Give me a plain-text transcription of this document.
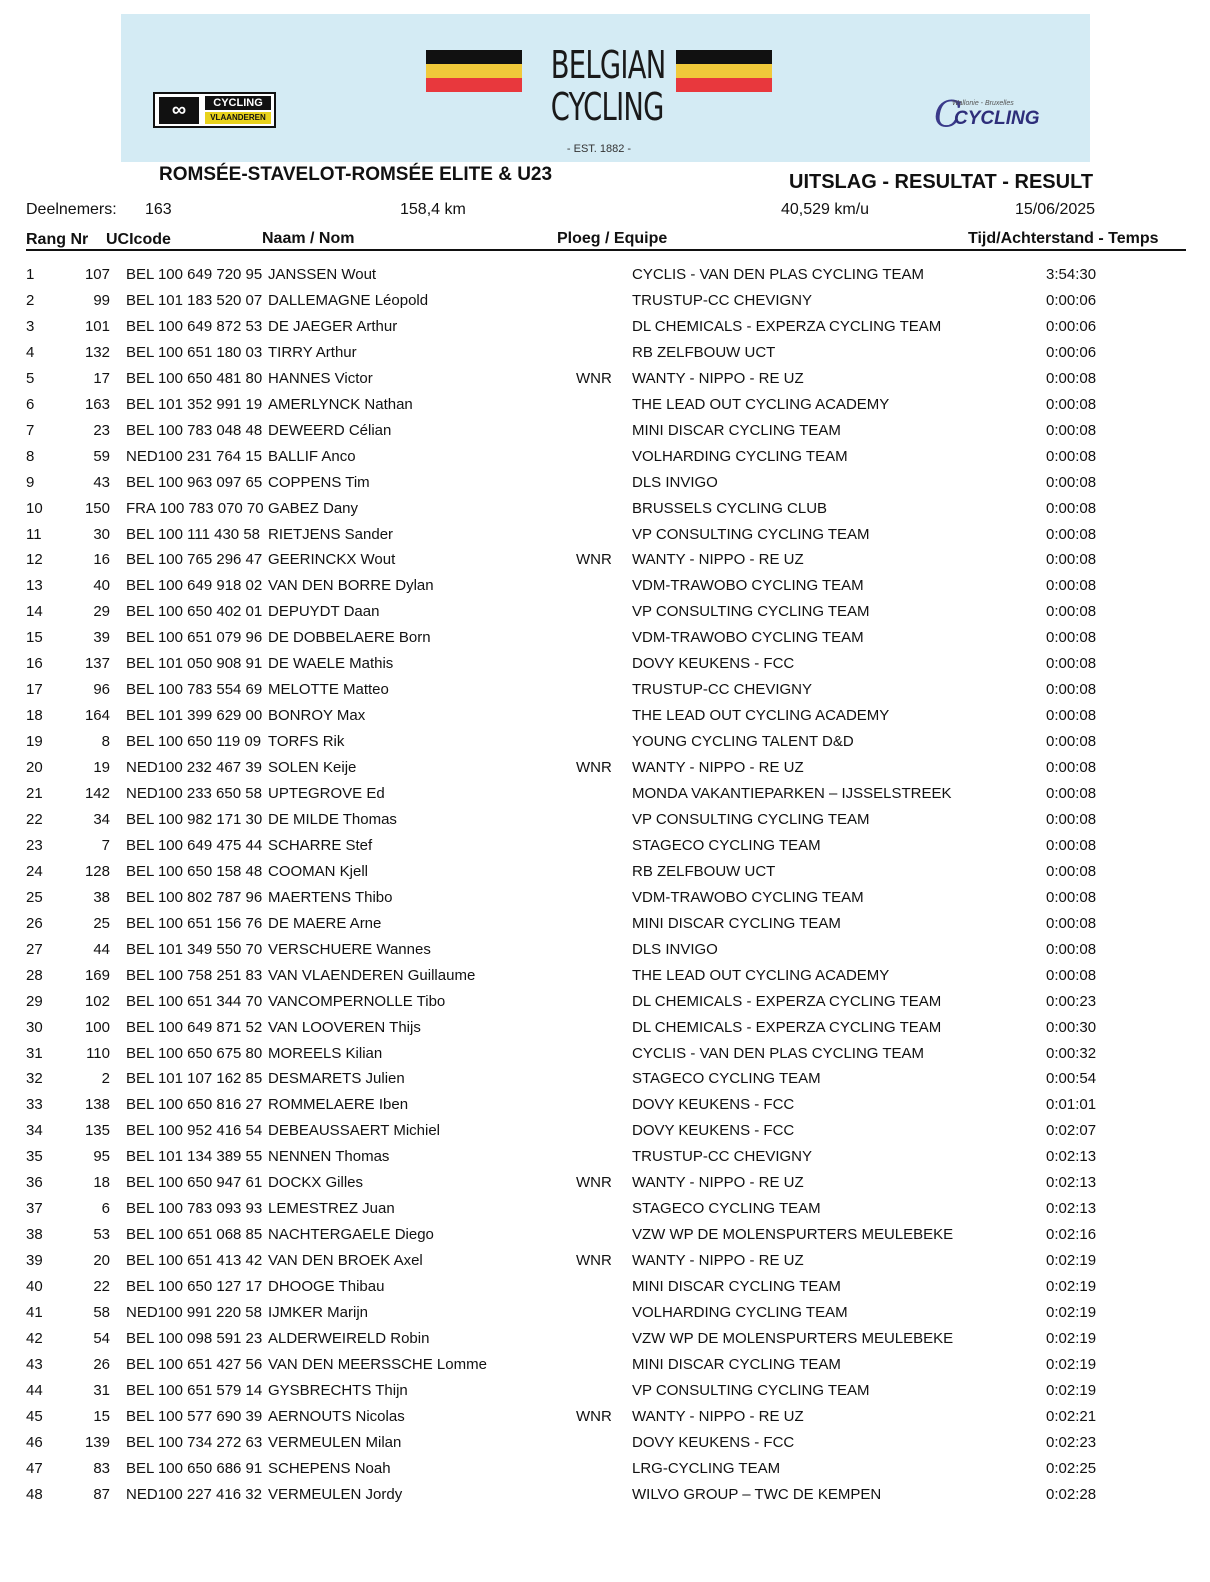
BELGIAN
CYCLING
- EST. 1882 -
∞	CYCLING
VLAANDEREN	C
Wallonie - Bruxelles
CYCLING
ROMSÉE-STAVELOT-ROMSÉE ELITE & U23	UITSLAG - RESULTAT - RESULT
Deelnemers: 163	158,4 km	40,529 km/u	15/06/2025
Rang Nr UCIcode	Naam / Nom	Ploeg / Equipe	Tijd/Achterstand - Temps
1	107 BEL 100 649 720 95 JANSSEN Wout	CYCLIS - VAN DEN PLAS CYCLING TEAM	3:54:30
2	99 BEL 101 183 520 07 DALLEMAGNE Léopold	TRUSTUP-CC CHEVIGNY	0:00:06
3	101 BEL 100 649 872 53 DE JAEGER Arthur	DL CHEMICALS - EXPERZA CYCLING TEAM	0:00:06
4	132 BEL 100 651 180 03 TIRRY Arthur	RB ZELFBOUW UCT	0:00:06
5	17 BEL 100 650 481 80 HANNES Victor	WNR WANTY - NIPPO - RE UZ	0:00:08
6	163 BEL 101 352 991 19 AMERLYNCK Nathan	THE LEAD OUT CYCLING ACADEMY	0:00:08
7	23 BEL 100 783 048 48 DEWEERD Célian	MINI DISCAR CYCLING TEAM	0:00:08
8	59 NED100 231 764 15 BALLIF Anco	VOLHARDING CYCLING TEAM	0:00:08
9	43 BEL 100 963 097 65 COPPENS Tim	DLS INVIGO	0:00:08
10	150 FRA 100 783 070 70 GABEZ Dany	BRUSSELS CYCLING CLUB	0:00:08
11	30 BEL 100 111 430 58 RIETJENS Sander	VP CONSULTING CYCLING TEAM	0:00:08
12	16 BEL 100 765 296 47 GEERINCKX Wout	WNR WANTY - NIPPO - RE UZ	0:00:08
13	40 BEL 100 649 918 02 VAN DEN BORRE Dylan	VDM-TRAWOBO CYCLING TEAM	0:00:08
14	29 BEL 100 650 402 01 DEPUYDT Daan	VP CONSULTING CYCLING TEAM	0:00:08
15	39 BEL 100 651 079 96 DE DOBBELAERE Born	VDM-TRAWOBO CYCLING TEAM	0:00:08
16	137 BEL 101 050 908 91 DE WAELE Mathis	DOVY KEUKENS - FCC	0:00:08
17	96 BEL 100 783 554 69 MELOTTE Matteo	TRUSTUP-CC CHEVIGNY	0:00:08
18	164 BEL 101 399 629 00 BONROY Max	THE LEAD OUT CYCLING ACADEMY	0:00:08
19	8 BEL 100 650 119 09 TORFS Rik	YOUNG CYCLING TALENT D&D	0:00:08
20	19 NED100 232 467 39 SOLEN Keije	WNR WANTY - NIPPO - RE UZ	0:00:08
21	142 NED100 233 650 58 UPTEGROVE Ed	MONDA VAKANTIEPARKEN – IJSSELSTREEK	0:00:08
22	34 BEL 100 982 171 30 DE MILDE Thomas	VP CONSULTING CYCLING TEAM	0:00:08
23	7 BEL 100 649 475 44 SCHARRE Stef	STAGECO CYCLING TEAM	0:00:08
24	128 BEL 100 650 158 48 COOMAN Kjell	RB ZELFBOUW UCT	0:00:08
25	38 BEL 100 802 787 96 MAERTENS Thibo	VDM-TRAWOBO CYCLING TEAM	0:00:08
26	25 BEL 100 651 156 76 DE MAERE Arne	MINI DISCAR CYCLING TEAM	0:00:08
27	44 BEL 101 349 550 70 VERSCHUERE Wannes	DLS INVIGO	0:00:08
28	169 BEL 100 758 251 83 VAN VLAENDEREN Guillaume	THE LEAD OUT CYCLING ACADEMY	0:00:08
29	102 BEL 100 651 344 70 VANCOMPERNOLLE Tibo	DL CHEMICALS - EXPERZA CYCLING TEAM	0:00:23
30	100 BEL 100 649 871 52 VAN LOOVEREN Thijs	DL CHEMICALS - EXPERZA CYCLING TEAM	0:00:30
31	110 BEL 100 650 675 80 MOREELS Kilian	CYCLIS - VAN DEN PLAS CYCLING TEAM	0:00:32
32	2 BEL 101 107 162 85 DESMARETS Julien	STAGECO CYCLING TEAM	0:00:54
33	138 BEL 100 650 816 27 ROMMELAERE Iben	DOVY KEUKENS - FCC	0:01:01
34	135 BEL 100 952 416 54 DEBEAUSSAERT Michiel	DOVY KEUKENS - FCC	0:02:07
35	95 BEL 101 134 389 55 NENNEN Thomas	TRUSTUP-CC CHEVIGNY	0:02:13
36	18 BEL 100 650 947 61 DOCKX Gilles	WNR WANTY - NIPPO - RE UZ	0:02:13
37	6 BEL 100 783 093 93 LEMESTREZ Juan	STAGECO CYCLING TEAM	0:02:13
38	53 BEL 100 651 068 85 NACHTERGAELE Diego	VZW WP DE MOLENSPURTERS MEULEBEKE	0:02:16
39	20 BEL 100 651 413 42 VAN DEN BROEK Axel	WNR WANTY - NIPPO - RE UZ	0:02:19
40	22 BEL 100 650 127 17 DHOOGE Thibau	MINI DISCAR CYCLING TEAM	0:02:19
41	58 NED100 991 220 58 IJMKER Marijn	VOLHARDING CYCLING TEAM	0:02:19
42	54 BEL 100 098 591 23 ALDERWEIRELD Robin	VZW WP DE MOLENSPURTERS MEULEBEKE	0:02:19
43	26 BEL 100 651 427 56 VAN DEN MEERSSCHE Lomme	MINI DISCAR CYCLING TEAM	0:02:19
44	31 BEL 100 651 579 14 GYSBRECHTS Thijn	VP CONSULTING CYCLING TEAM	0:02:19
45	15 BEL 100 577 690 39 AERNOUTS Nicolas	WNR WANTY - NIPPO - RE UZ	0:02:21
46	139 BEL 100 734 272 63 VERMEULEN Milan	DOVY KEUKENS - FCC	0:02:23
47	83 BEL 100 650 686 91 SCHEPENS Noah	LRG-CYCLING TEAM	0:02:25
48	87 NED100 227 416 32 VERMEULEN Jordy	WILVO GROUP – TWC DE KEMPEN	0:02:28
